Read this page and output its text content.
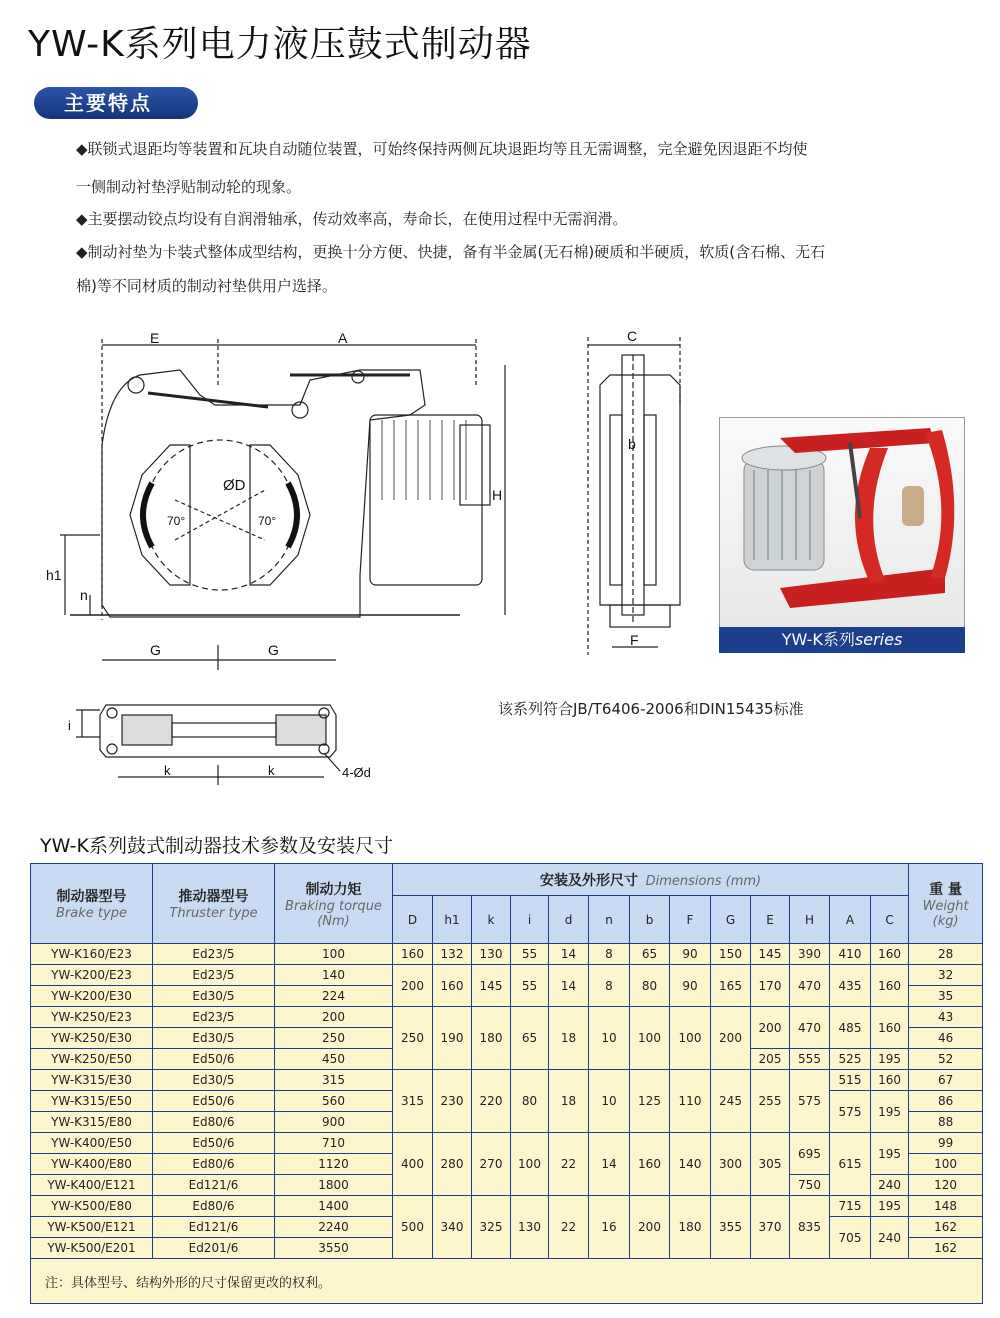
YW-K系列电力液压鼓式制动器
主要特点
◆联锁式退距均等装置和瓦块自动随位装置，可始终保持两侧瓦块退距均等且无需调整，完全避免因退距不均使
一侧制动衬垫浮贴制动轮的现象。
◆主要摆动铰点均设有自润滑轴承，传动效率高，寿命长，在使用过程中无需润滑。
◆制动衬垫为卡装式整体成型结构，更换十分方便、快捷，备有半金属(无石棉)硬质和半硬质，软质(含石棉、无石
棉)等不同材质的制动衬垫供用户选择。
E	A
H
h1
n
G	G
ØD
70°	70°
C
b
F
i
k	k	4-Ød
YW-K系列series
该系列符合JB/T6406-2006和DIN15435标准
YW-K系列鼓式制动器技术参数及安装尺寸
制动器型号
Brake type	推动器型号
Thruster type	制动力矩
Braking torque (Nm)	安装及外形尺寸 Dimensions (mm)													重 量
Weight (kg)

			D	h1	k	i	d	n	b	F	G	E	H	A	C	
YW-K160/E23	Ed23/5	100	160	132	130	55	14	8	65	90	150	145	390	410	160	28
YW-K200/E23	Ed23/5	140	200	160	145	55	14	8	80	90	165	170	470	435	160	32
YW-K200/E30	Ed30/5	224														35
YW-K250/E23	Ed23/5	200	250	190	180	65	18	10	100	100	200	200	470	485	160	43
YW-K250/E30	Ed30/5	250														46
YW-K250/E50	Ed50/6	450										205	555	525	195	52
YW-K315/E30	Ed30/5	315	315	230	220	80	18	10	125	110	245	255	575	515	160	67
YW-K315/E50	Ed50/6	560												575	195	86
YW-K315/E80	Ed80/6	900														88
YW-K400/E50	Ed50/6	710	400	280	270	100	22	14	160	140	300	305	695	615	195	99
YW-K400/E80	Ed80/6	1120														100
YW-K400/E121	Ed121/6	1800											750		240	120
YW-K500/E80	Ed80/6	1400	500	340	325	130	22	16	200	180	355	370	835	715	195	148
YW-K500/E121	Ed121/6	2240												705	240	162
YW-K500/E201	Ed201/6	3550														162
注：具体型号、结构外形的尺寸保留更改的权利。																
